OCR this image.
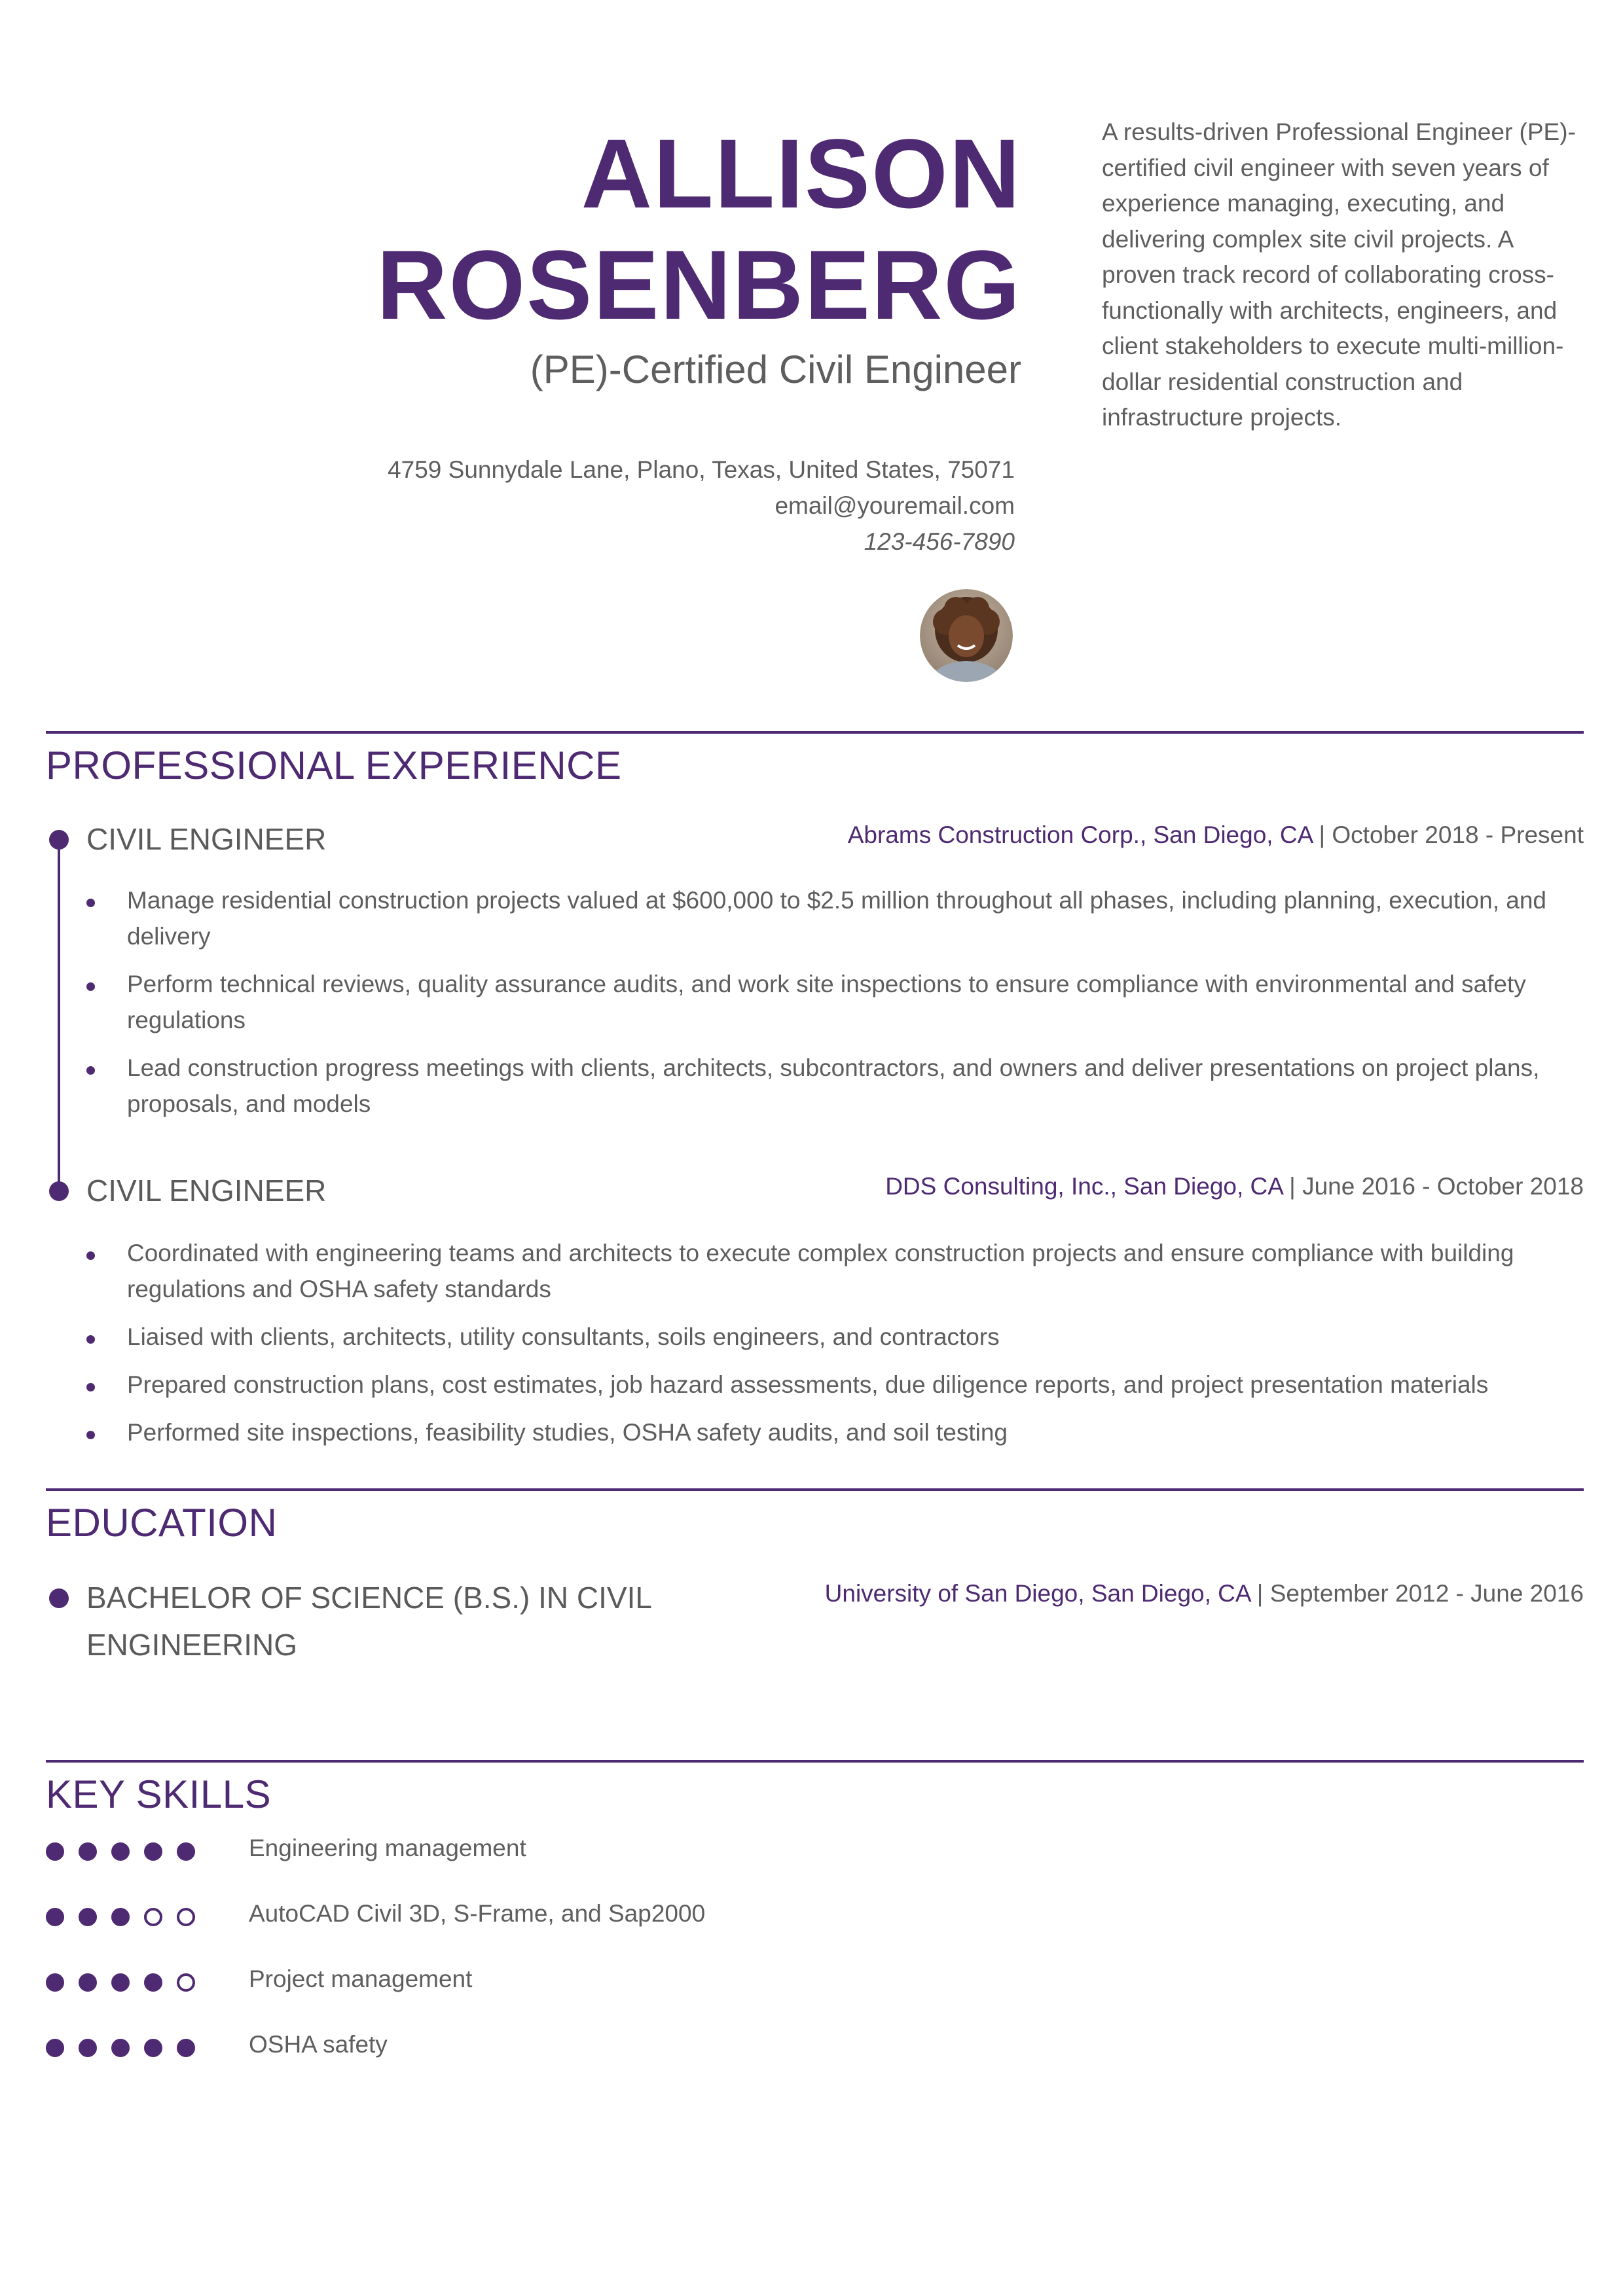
ALLISON
ROSENBERG
(PE)-Certified Civil Engineer
4759 Sunnydale Lane, Plano, Texas, United States, 75071
email@youremail.com
123-456-7890
A results-driven Professional Engineer (PE)-certified civil engineer with seven years of experience managing, executing, and delivering complex site civil projects. A proven track record of collaborating cross-functionally with architects, engineers, and client stakeholders to execute multi-million-dollar residential construction and infrastructure projects.
PROFESSIONAL EXPERIENCE
CIVIL ENGINEER	Abrams Construction Corp., San Diego, CA | October 2018 - Present
Manage residential construction projects valued at $600,000 to $2.5 million throughout all phases, including planning, execution, and delivery
Perform technical reviews, quality assurance audits, and work site inspections to ensure compliance with environmental and safety regulations
Lead construction progress meetings with clients, architects, subcontractors, and owners and deliver presentations on project plans, proposals, and models
CIVIL ENGINEER	DDS Consulting, Inc., San Diego, CA | June 2016 - October 2018
Coordinated with engineering teams and architects to execute complex construction projects and ensure compliance with building regulations and OSHA safety standards
Liaised with clients, architects, utility consultants, soils engineers, and contractors
Prepared construction plans, cost estimates, job hazard assessments, due diligence reports, and project presentation materials
Performed site inspections, feasibility studies, OSHA safety audits, and soil testing
EDUCATION
BACHELOR OF SCIENCE (B.S.) IN CIVIL ENGINEERING
University of San Diego, San Diego, CA | September 2012 - June 2016
KEY SKILLS
Engineering management
AutoCAD Civil 3D, S-Frame, and Sap2000
Project management
OSHA safety
